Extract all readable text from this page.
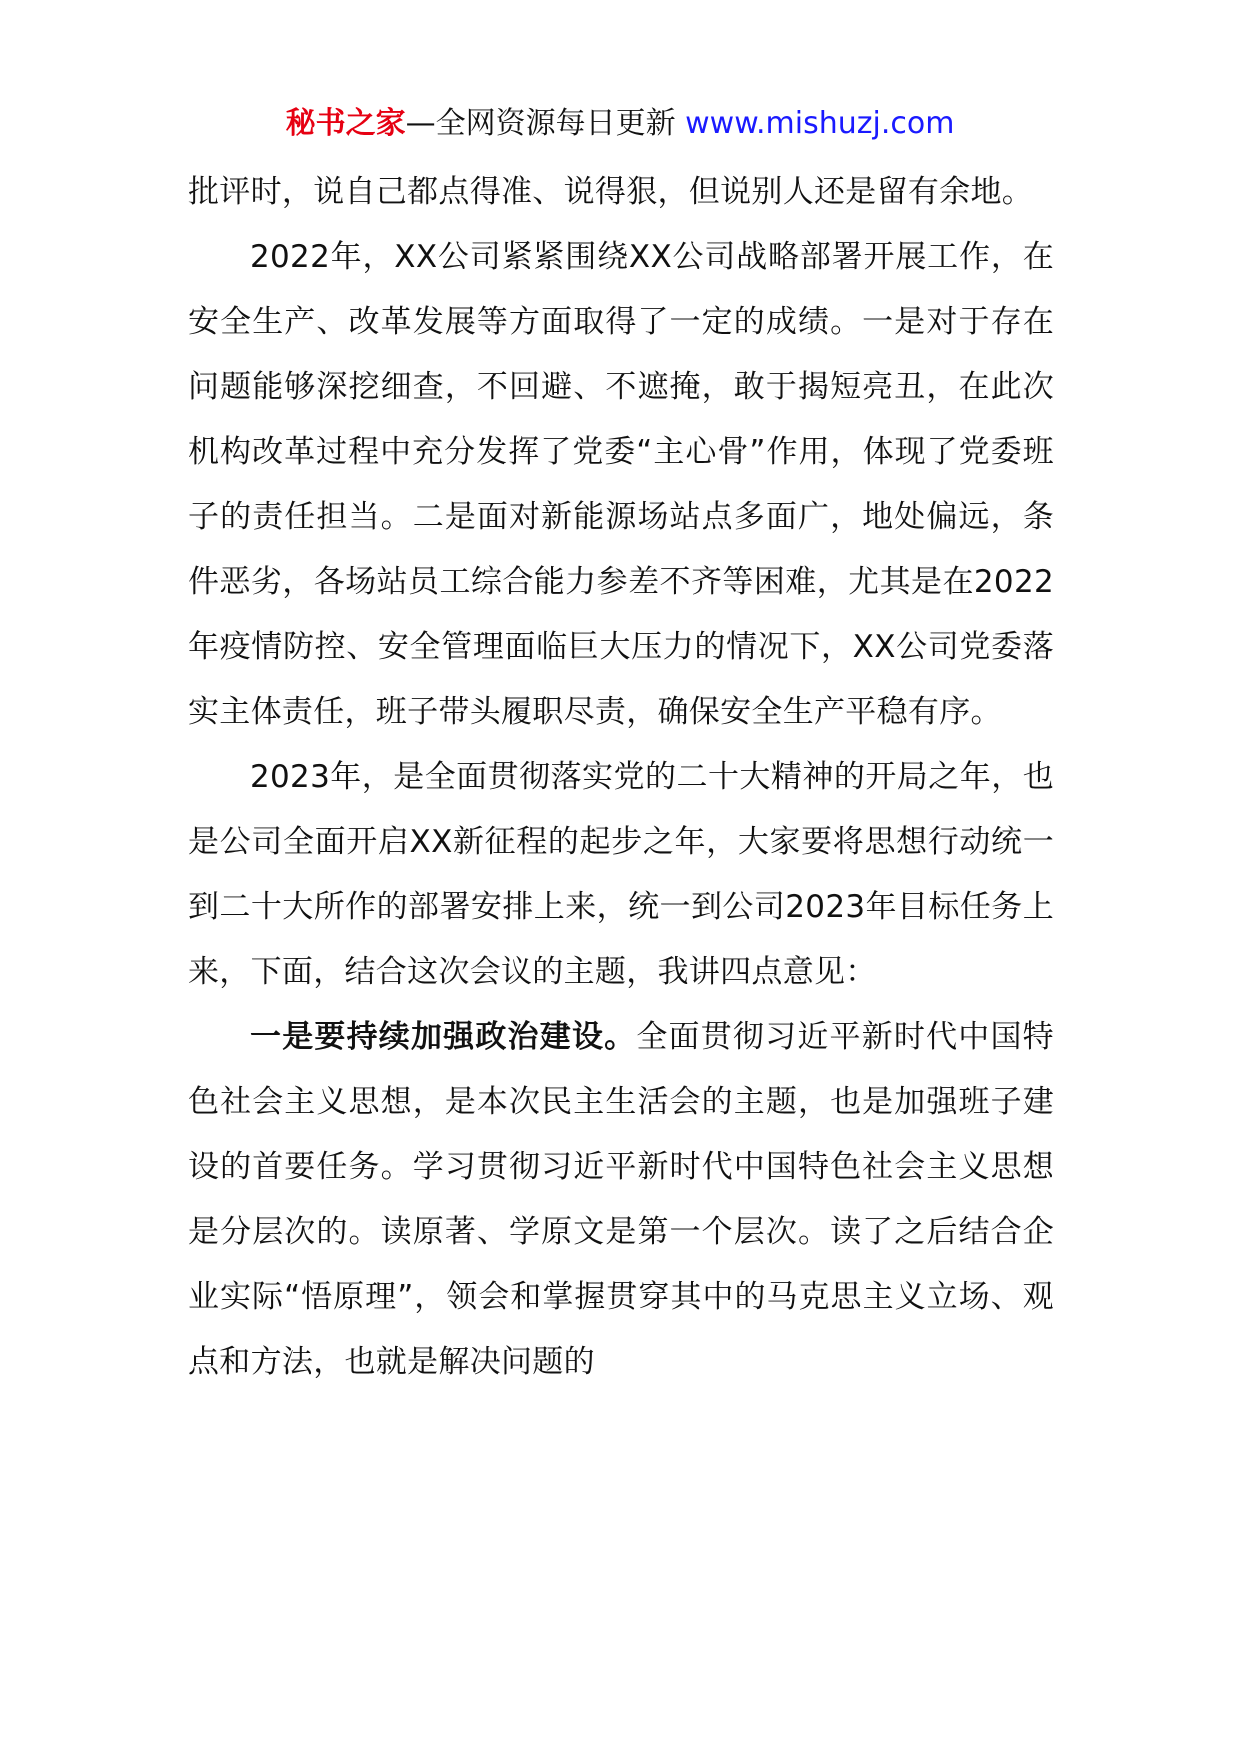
秘书之家—全网资源每日更新 www.mishuzj.com

批评时，说自己都点得准、说得狠，但说别人还是留有余地。

2022年，XX公司紧紧围绕XX公司战略部署开展工作，在安全生产、改革发展等方面取得了一定的成绩。一是对于存在问题能够深挖细查，不回避、不遮掩，敢于揭短亮丑，在此次机构改革过程中充分发挥了党委“主心骨”作用，体现了党委班子的责任担当。二是面对新能源场站点多面广，地处偏远，条件恶劣，各场站员工综合能力参差不齐等困难，尤其是在2022年疫情防控、安全管理面临巨大压力的情况下，XX公司党委落实主体责任，班子带头履职尽责，确保安全生产平稳有序。

2023年，是全面贯彻落实党的二十大精神的开局之年，也是公司全面开启XX新征程的起步之年，大家要将思想行动统一到二十大所作的部署安排上来，统一到公司2023年目标任务上来，下面，结合这次会议的主题，我讲四点意见：

一是要持续加强政治建设。全面贯彻习近平新时代中国特色社会主义思想，是本次民主生活会的主题，也是加强班子建设的首要任务。学习贯彻习近平新时代中国特色社会主义思想是分层次的。读原著、学原文是第一个层次。读了之后结合企业实际“悟原理”，领会和掌握贯穿其中的马克思主义立场、观点和方法，也就是解决问题的
